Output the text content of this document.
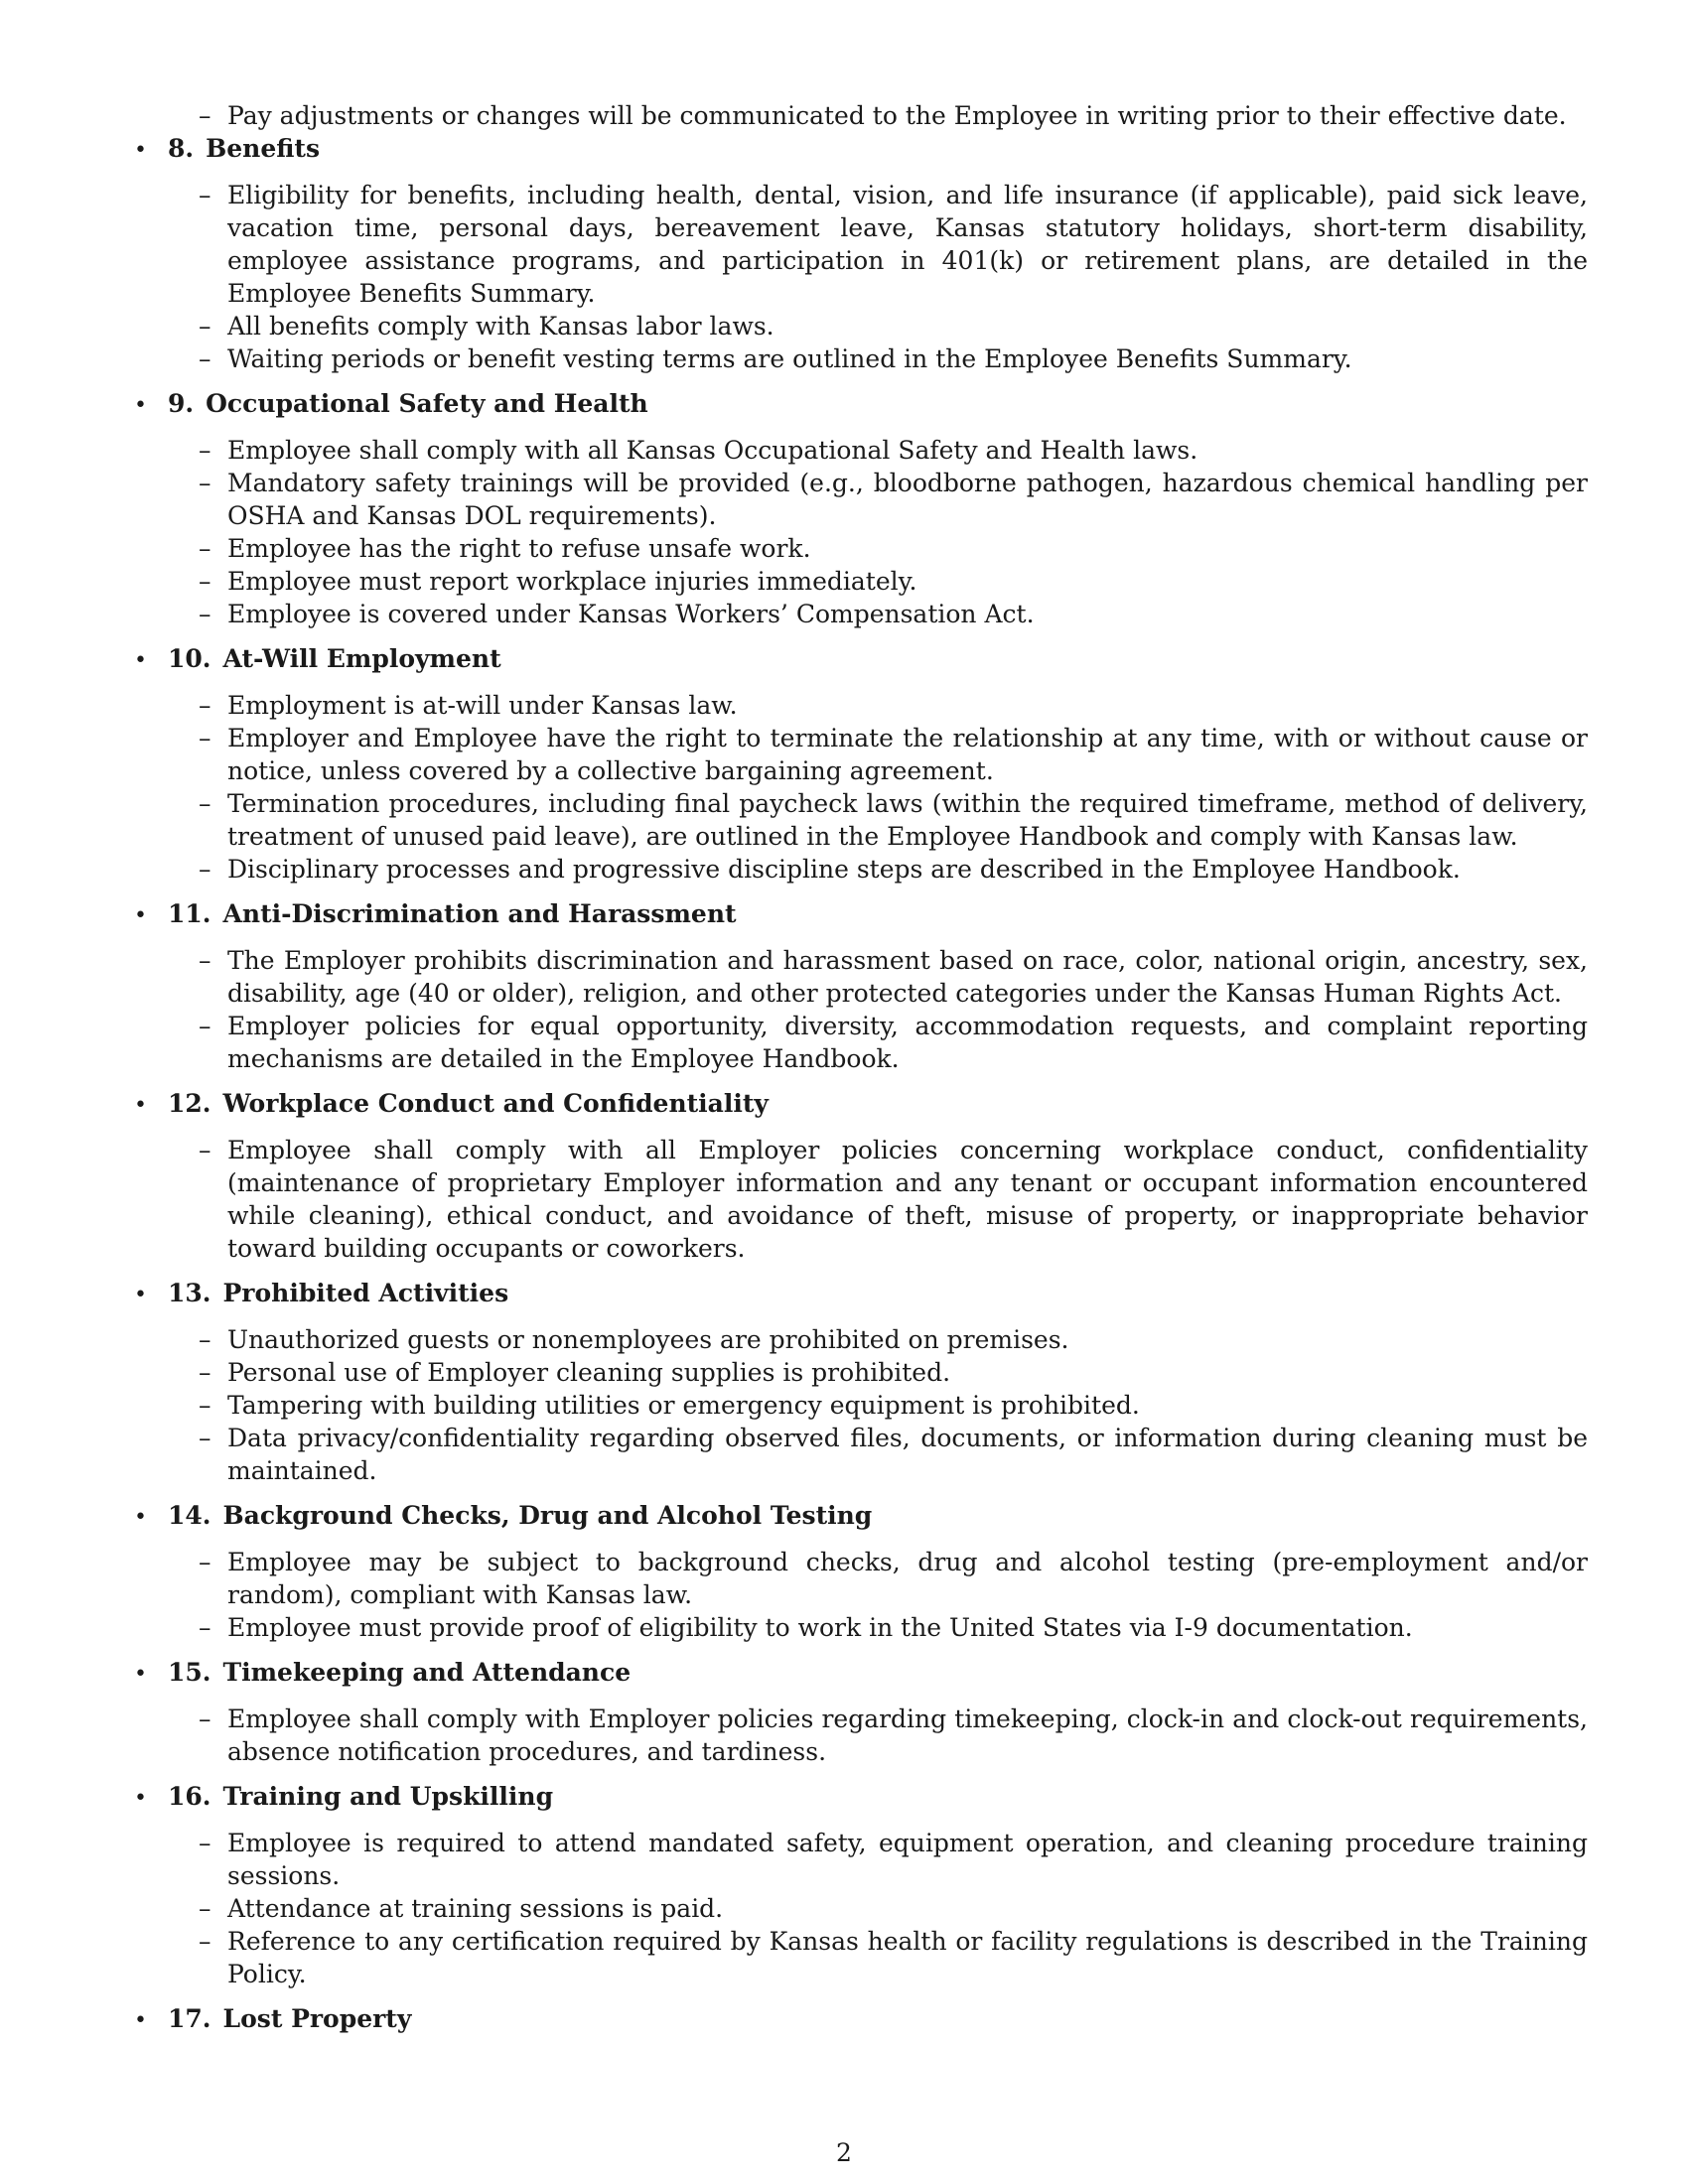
– Pay adjustments or changes will be communicated to the Employee in writing prior to their effective date.
• 8. Benefits
– Eligibility for benefits, including health, dental, vision, and life insurance (if applicable), paid sick leave, vacation time, personal days, bereavement leave, Kansas statutory holidays, short-term disability, employee assistance programs, and participation in 401(k) or retirement plans, are detailed in the Employee Benefits Summary.
– All benefits comply with Kansas labor laws.
– Waiting periods or benefit vesting terms are outlined in the Employee Benefits Summary.
• 9. Occupational Safety and Health
– Employee shall comply with all Kansas Occupational Safety and Health laws.
– Mandatory safety trainings will be provided (e.g., bloodborne pathogen, hazardous chemical handling per OSHA and Kansas DOL requirements).
– Employee has the right to refuse unsafe work.
– Employee must report workplace injuries immediately.
– Employee is covered under Kansas Workers’ Compensation Act.
• 10. At-Will Employment
– Employment is at-will under Kansas law.
– Employer and Employee have the right to terminate the relationship at any time, with or without cause or notice, unless covered by a collective bargaining agreement.
– Termination procedures, including final paycheck laws (within the required timeframe, method of delivery, treatment of unused paid leave), are outlined in the Employee Handbook and comply with Kansas law.
– Disciplinary processes and progressive discipline steps are described in the Employee Handbook.
• 11. Anti-Discrimination and Harassment
– The Employer prohibits discrimination and harassment based on race, color, national origin, ancestry, sex, disability, age (40 or older), religion, and other protected categories under the Kansas Human Rights Act.
– Employer policies for equal opportunity, diversity, accommodation requests, and complaint reporting mechanisms are detailed in the Employee Handbook.
• 12. Workplace Conduct and Confidentiality
– Employee shall comply with all Employer policies concerning workplace conduct, confidentiality (maintenance of proprietary Employer information and any tenant or occupant information encountered while cleaning), ethical conduct, and avoidance of theft, misuse of property, or inappropriate behavior toward building occupants or coworkers.
• 13. Prohibited Activities
– Unauthorized guests or nonemployees are prohibited on premises.
– Personal use of Employer cleaning supplies is prohibited.
– Tampering with building utilities or emergency equipment is prohibited.
– Data privacy/confidentiality regarding observed files, documents, or information during cleaning must be maintained.
• 14. Background Checks, Drug and Alcohol Testing
– Employee may be subject to background checks, drug and alcohol testing (pre-employment and/or random), compliant with Kansas law.
– Employee must provide proof of eligibility to work in the United States via I-9 documentation.
• 15. Timekeeping and Attendance
– Employee shall comply with Employer policies regarding timekeeping, clock-in and clock-out requirements, absence notification procedures, and tardiness.
• 16. Training and Upskilling
– Employee is required to attend mandated safety, equipment operation, and cleaning procedure training sessions.
– Attendance at training sessions is paid.
– Reference to any certification required by Kansas health or facility regulations is described in the Training Policy.
• 17. Lost Property
2
